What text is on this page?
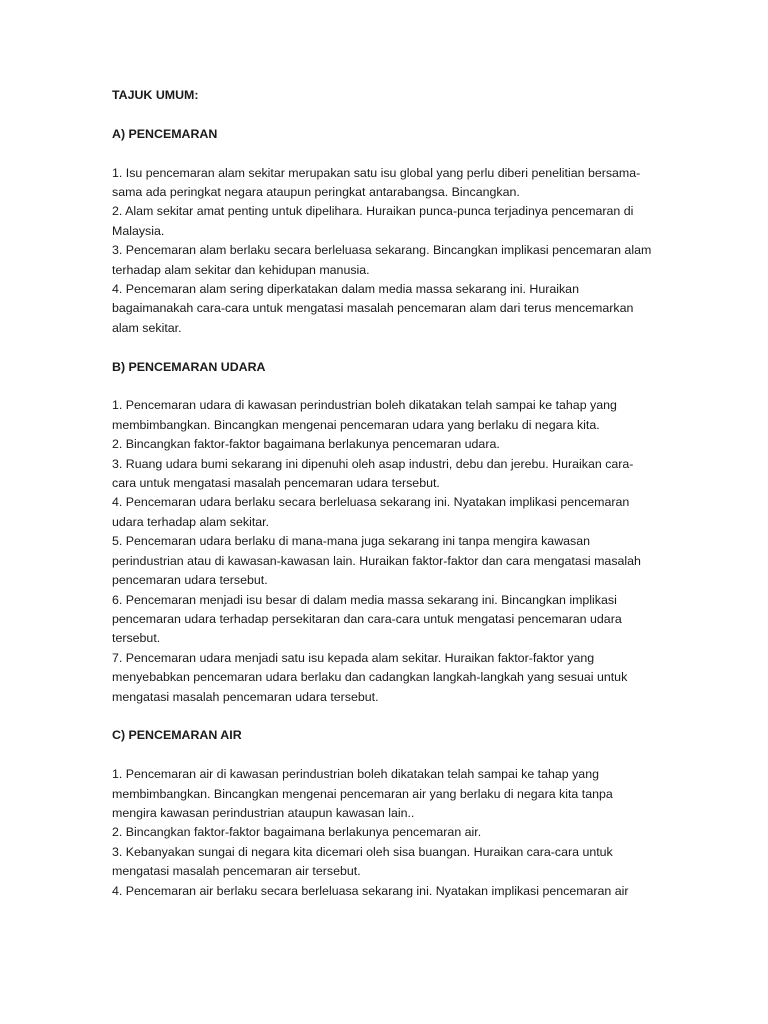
TAJUK UMUM:

A) PENCEMARAN

1. Isu pencemaran alam sekitar merupakan satu isu global yang perlu diberi penelitian bersama-sama ada peringkat negara ataupun peringkat antarabangsa. Bincangkan.

2. Alam sekitar amat penting untuk dipelihara. Huraikan punca-punca terjadinya pencemaran di Malaysia.

3. Pencemaran alam berlaku secara berleluasa sekarang. Bincangkan implikasi pencemaran alam terhadap alam sekitar dan kehidupan manusia.

4. Pencemaran alam sering diperkatakan dalam media massa sekarang ini. Huraikan bagaimanakah cara-cara untuk mengatasi masalah pencemaran alam dari terus mencemarkan alam sekitar.

B) PENCEMARAN UDARA

1. Pencemaran udara di kawasan perindustrian boleh dikatakan telah sampai ke tahap yang membimbangkan. Bincangkan mengenai pencemaran udara yang berlaku di negara kita.

2. Bincangkan faktor-faktor bagaimana berlakunya pencemaran udara.

3. Ruang udara bumi sekarang ini dipenuhi oleh asap industri, debu dan jerebu. Huraikan cara-cara untuk mengatasi masalah pencemaran udara tersebut.

4. Pencemaran udara berlaku secara berleluasa sekarang ini. Nyatakan implikasi pencemaran udara terhadap alam sekitar.

5. Pencemaran udara berlaku di mana-mana juga sekarang ini tanpa mengira kawasan perindustrian atau di kawasan-kawasan lain. Huraikan faktor-faktor dan cara mengatasi masalah pencemaran udara tersebut.

6. Pencemaran menjadi isu besar di dalam media massa sekarang ini. Bincangkan implikasi pencemaran udara terhadap persekitaran dan cara-cara untuk mengatasi pencemaran udara tersebut.

7. Pencemaran udara menjadi satu isu kepada alam sekitar. Huraikan faktor-faktor yang menyebabkan pencemaran udara berlaku dan cadangkan langkah-langkah yang sesuai untuk mengatasi masalah pencemaran udara tersebut.

C) PENCEMARAN AIR

1. Pencemaran air di kawasan perindustrian boleh dikatakan telah sampai ke tahap yang membimbangkan. Bincangkan mengenai pencemaran air yang berlaku di negara kita tanpa mengira kawasan perindustrian ataupun kawasan lain..

2. Bincangkan faktor-faktor bagaimana berlakunya pencemaran air.

3. Kebanyakan sungai di negara kita dicemari oleh sisa buangan. Huraikan cara-cara untuk mengatasi masalah pencemaran air tersebut.

4. Pencemaran air berlaku secara berleluasa sekarang ini. Nyatakan implikasi pencemaran air
